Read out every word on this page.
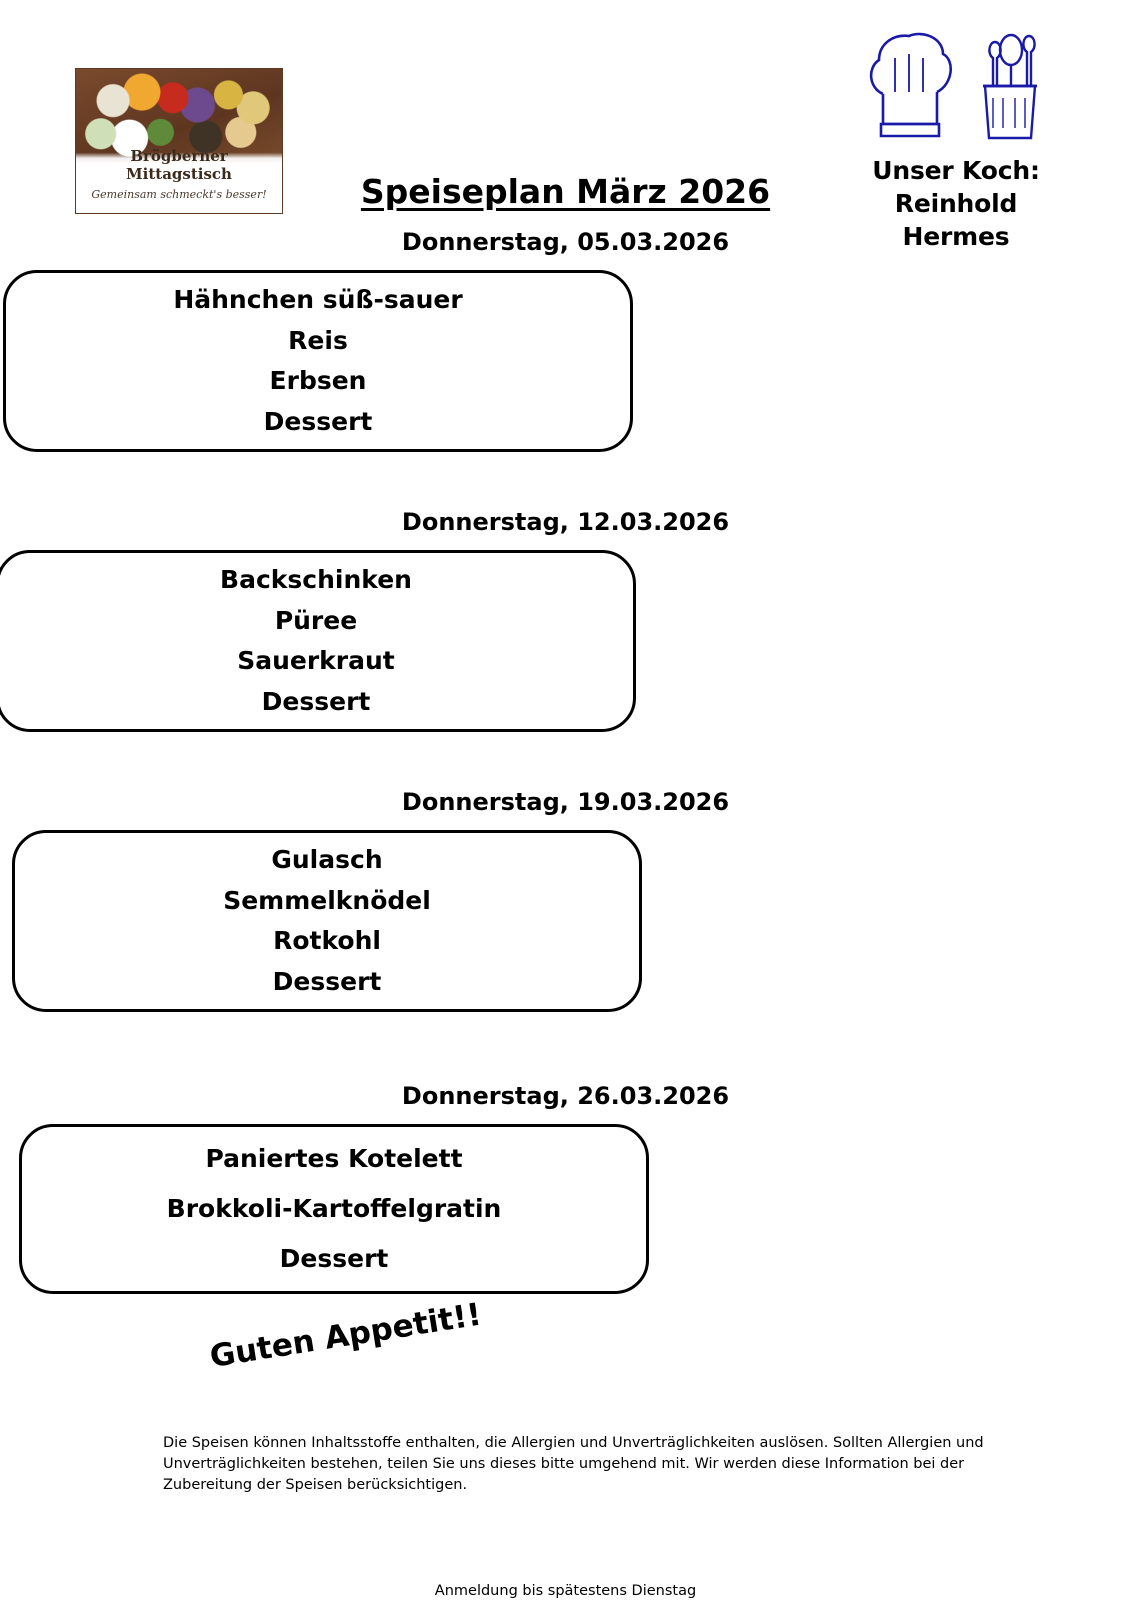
Brögberner Mittagstisch
Gemeinsam schmeckt's besser!
Unser Koch:
Reinhold
Hermes
Speiseplan März 2026
Donnerstag, 05.03.2026
Hähnchen süß-sauer
Reis
Erbsen
Dessert
Donnerstag, 12.03.2026
Backschinken
Püree
Sauerkraut
Dessert
Donnerstag, 19.03.2026
Gulasch
Semmelknödel
Rotkohl
Dessert
Donnerstag, 26.03.2026
Paniertes Kotelett
Brokkoli-Kartoffelgratin
Dessert
Guten Appetit!!
Die Speisen können Inhaltsstoffe enthalten, die Allergien und Unverträglichkeiten auslösen. Sollten Allergien und Unverträglichkeiten bestehen, teilen Sie uns dieses bitte umgehend mit. Wir werden diese Information bei der Zubereitung der Speisen berücksichtigen.
Anmeldung bis spätestens Dienstag
